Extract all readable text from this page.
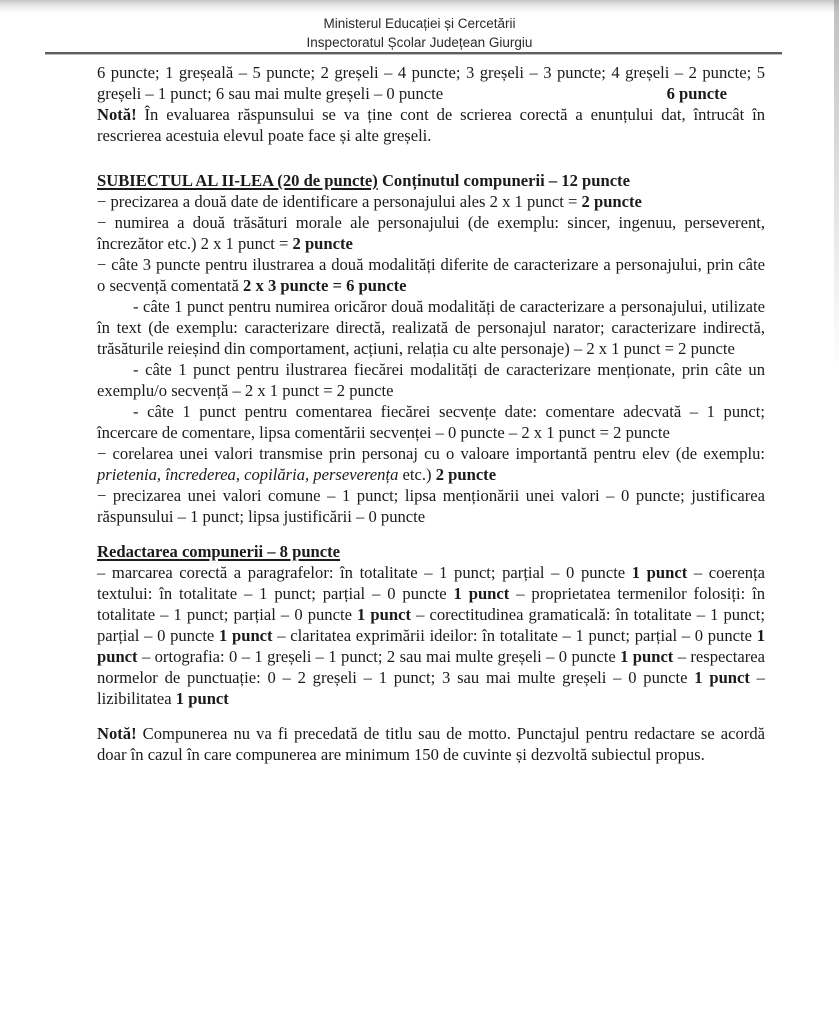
Ministerul Educației și Cercetării
Inspectoratul Școlar Județean Giurgiu

6 puncte; 1 greșeală – 5 puncte; 2 greșeli – 4 puncte; 3 greșeli – 3 puncte; 4 greșeli – 2 puncte; 5 greșeli – 1 punct; 6 sau mai multe greșeli – 0 puncte	6 puncte

Notă! În evaluarea răspunsului se va ține cont de scrierea corectă a enunțului dat, întrucât în rescrierea acestuia elevul poate face și alte greșeli.

SUBIECTUL AL II-LEA (20 de puncte) Conținutul compunerii – 12 puncte

− precizarea a două date de identificare a personajului ales 2 x 1 punct = 2 puncte

− numirea a două trăsături morale ale personajului (de exemplu: sincer, ingenuu, perseverent, încrezător etc.) 2 x 1 punct = 2 puncte

− câte 3 puncte pentru ilustrarea a două modalități diferite de caracterizare a personajului, prin câte o secvență comentată 2 x 3 puncte = 6 puncte

- câte 1 punct pentru numirea oricăror două modalități de caracterizare a personajului, utilizate în text (de exemplu: caracterizare directă, realizată de personajul narator; caracterizare indirectă, trăsăturile reieșind din comportament, acțiuni, relația cu alte personaje) – 2 x 1 punct = 2 puncte

- câte 1 punct pentru ilustrarea fiecărei modalități de caracterizare menționate, prin câte un exemplu/o secvență – 2 x 1 punct = 2 puncte

- câte 1 punct pentru comentarea fiecărei secvențe date: comentare adecvată – 1 punct; încercare de comentare, lipsa comentării secvenței – 0 puncte – 2 x 1 punct = 2 puncte

− corelarea unei valori transmise prin personaj cu o valoare importantă pentru elev (de exemplu: prietenia, încrederea, copilăria, perseverența etc.) 2 puncte

− precizarea unei valori comune – 1 punct; lipsa menționării unei valori – 0 puncte; justificarea răspunsului – 1 punct; lipsa justificării – 0 puncte

Redactarea compunerii – 8 puncte

– marcarea corectă a paragrafelor: în totalitate – 1 punct; parțial – 0 puncte 1 punct – coerența textului: în totalitate – 1 punct; parțial – 0 puncte 1 punct – proprietatea termenilor folosiți: în totalitate – 1 punct; parțial – 0 puncte 1 punct – corectitudinea gramaticală: în totalitate – 1 punct; parțial – 0 puncte 1 punct – claritatea exprimării ideilor: în totalitate – 1 punct; parțial – 0 puncte 1 punct – ortografia: 0 – 1 greșeli – 1 punct; 2 sau mai multe greșeli – 0 puncte 1 punct – respectarea normelor de punctuație: 0 – 2 greșeli – 1 punct; 3 sau mai multe greșeli – 0 puncte 1 punct – lizibilitatea 1 punct

Notă! Compunerea nu va fi precedată de titlu sau de motto. Punctajul pentru redactare se acordă doar în cazul în care compunerea are minimum 150 de cuvinte și dezvoltă subiectul propus.
